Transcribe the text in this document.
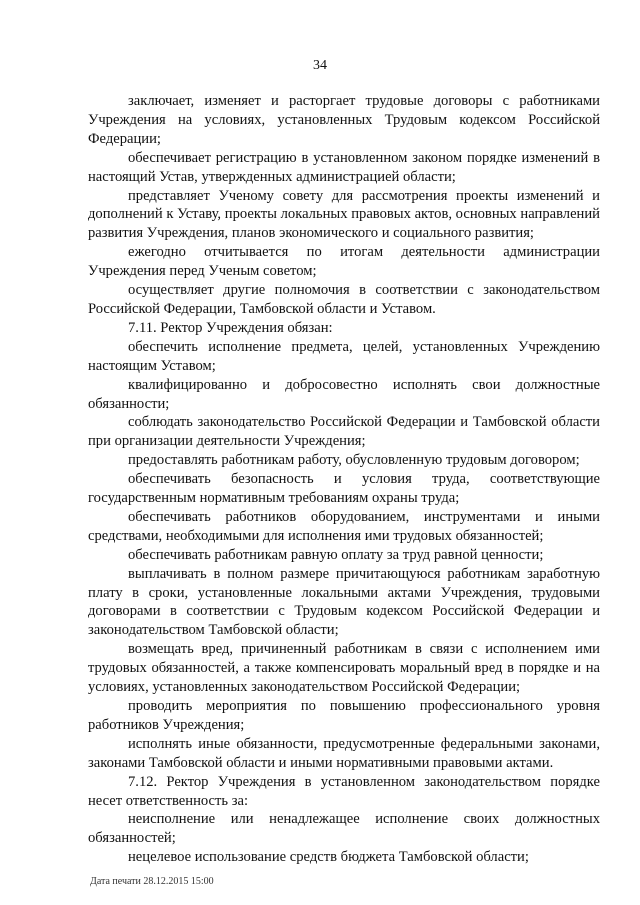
34

заключает, изменяет и расторгает трудовые договоры с работниками Учреждения на условиях, установленных Трудовым кодексом Российской Федерации;

обеспечивает регистрацию в установленном законом порядке изменений в настоящий Устав, утвержденных администрацией области;

представляет Ученому совету для рассмотрения проекты изменений и дополнений к Уставу, проекты локальных правовых актов, основных направлений развития Учреждения, планов экономического и социального развития;

ежегодно отчитывается по итогам деятельности администрации Учреждения перед Ученым советом;

осуществляет другие полномочия в соответствии с законодательством Российской Федерации, Тамбовской области и Уставом.

7.11. Ректор Учреждения обязан:

обеспечить исполнение предмета, целей, установленных Учреждению настоящим Уставом;

квалифицированно и добросовестно исполнять свои должностные обязанности;

соблюдать законодательство Российской Федерации и Тамбовской области при организации деятельности Учреждения;

предоставлять работникам работу, обусловленную трудовым договором;

обеспечивать безопасность и условия труда, соответствующие государственным нормативным требованиям охраны труда;

обеспечивать работников оборудованием, инструментами и иными средствами, необходимыми для исполнения ими трудовых обязанностей;

обеспечивать работникам равную оплату за труд равной ценности;

выплачивать в полном размере причитающуюся работникам заработную плату в сроки, установленные локальными актами Учреждения, трудовыми договорами в соответствии с Трудовым кодексом Российской Федерации и законодательством Тамбовской области;

возмещать вред, причиненный работникам в связи с исполнением ими трудовых обязанностей, а также компенсировать моральный вред в порядке и на условиях, установленных законодательством Российской Федерации;

проводить мероприятия по повышению профессионального уровня работников Учреждения;

исполнять иные обязанности, предусмотренные федеральными законами, законами Тамбовской области и иными нормативными правовыми актами.

7.12. Ректор Учреждения в установленном законодательством порядке несет ответственность за:

неисполнение или ненадлежащее исполнение своих должностных обязанностей;

нецелевое использование средств бюджета Тамбовской области;

Дата печати 28.12.2015 15:00
